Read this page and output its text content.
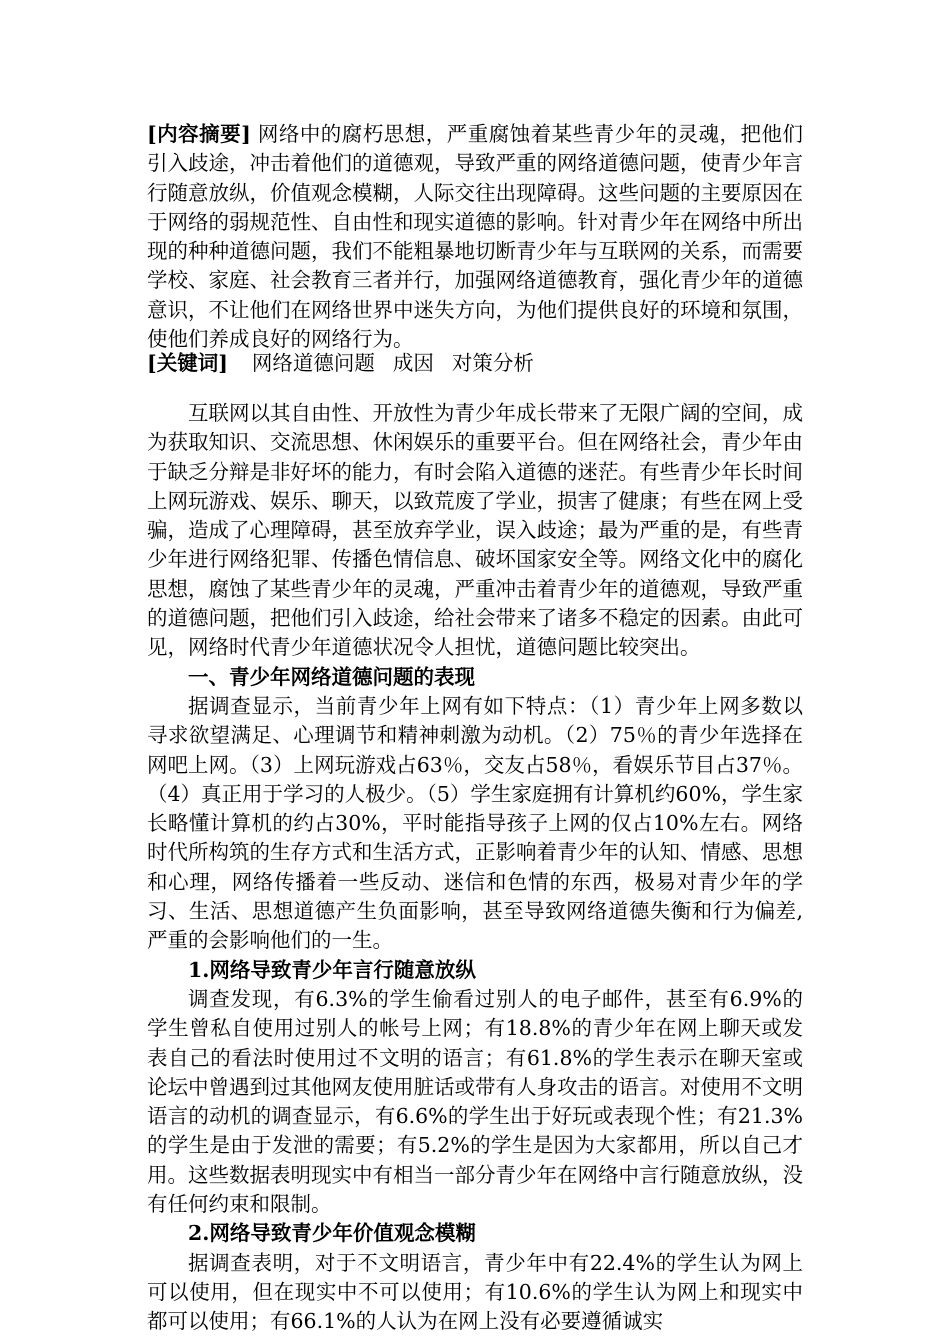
[内容摘要] 网络中的腐朽思想，严重腐蚀着某些青少年的灵魂，把他们引入歧途，冲击着他们的道德观，导致严重的网络道德问题，使青少年言行随意放纵，价值观念模糊，人际交往出现障碍。这些问题的主要原因在于网络的弱规范性、自由性和现实道德的影响。针对青少年在网络中所出现的种种道德问题，我们不能粗暴地切断青少年与互联网的关系，而需要学校、家庭、社会教育三者并行，加强网络道德教育，强化青少年的道德意识，不让他们在网络世界中迷失方向，为他们提供良好的环境和氛围，使他们养成良好的网络行为。

[关键词] 网络道德问题 成因 对策分析

互联网以其自由性、开放性为青少年成长带来了无限广阔的空间，成为获取知识、交流思想、休闲娱乐的重要平台。但在网络社会，青少年由于缺乏分辩是非好坏的能力，有时会陷入道德的迷茫。有些青少年长时间上网玩游戏、娱乐、聊天，以致荒废了学业，损害了健康；有些在网上受骗，造成了心理障碍，甚至放弃学业，误入歧途；最为严重的是，有些青少年进行网络犯罪、传播色情信息、破坏国家安全等。网络文化中的腐化思想，腐蚀了某些青少年的灵魂，严重冲击着青少年的道德观，导致严重的道德问题，把他们引入歧途，给社会带来了诸多不稳定的因素。由此可见，网络时代青少年道德状况令人担忧，道德问题比较突出。

一、青少年网络道德问题的表现

据调查显示，当前青少年上网有如下特点：（1）青少年上网多数以寻求欲望满足、心理调节和精神刺激为动机。（2）75％的青少年选择在网吧上网。（3）上网玩游戏占63％，交友占58％，看娱乐节目占37％。（4）真正用于学习的人极少。（5）学生家庭拥有计算机约60%，学生家长略懂计算机的约占30%，平时能指导孩子上网的仅占10%左右。网络时代所构筑的生存方式和生活方式，正影响着青少年的认知、情感、思想和心理，网络传播着一些反动、迷信和色情的东西，极易对青少年的学习、生活、思想道德产生负面影响，甚至导致网络道德失衡和行为偏差,严重的会影响他们的一生。

1.网络导致青少年言行随意放纵

调查发现，有6.3%的学生偷看过别人的电子邮件，甚至有6.9%的学生曾私自使用过别人的帐号上网；有18.8%的青少年在网上聊天或发表自己的看法时使用过不文明的语言；有61.8%的学生表示在聊天室或论坛中曾遇到过其他网友使用脏话或带有人身攻击的语言。对使用不文明语言的动机的调查显示，有6.6%的学生出于好玩或表现个性；有21.3%的学生是由于发泄的需要；有5.2%的学生是因为大家都用，所以自己才用。这些数据表明现实中有相当一部分青少年在网络中言行随意放纵，没有任何约束和限制。

2.网络导致青少年价值观念模糊

据调查表明，对于不文明语言，青少年中有22.4%的学生认为网上可以使用，但在现实中不可以使用；有10.6%的学生认为网上和现实中都可以使用；有66.1%的人认为在网上没有必要遵循诚实
